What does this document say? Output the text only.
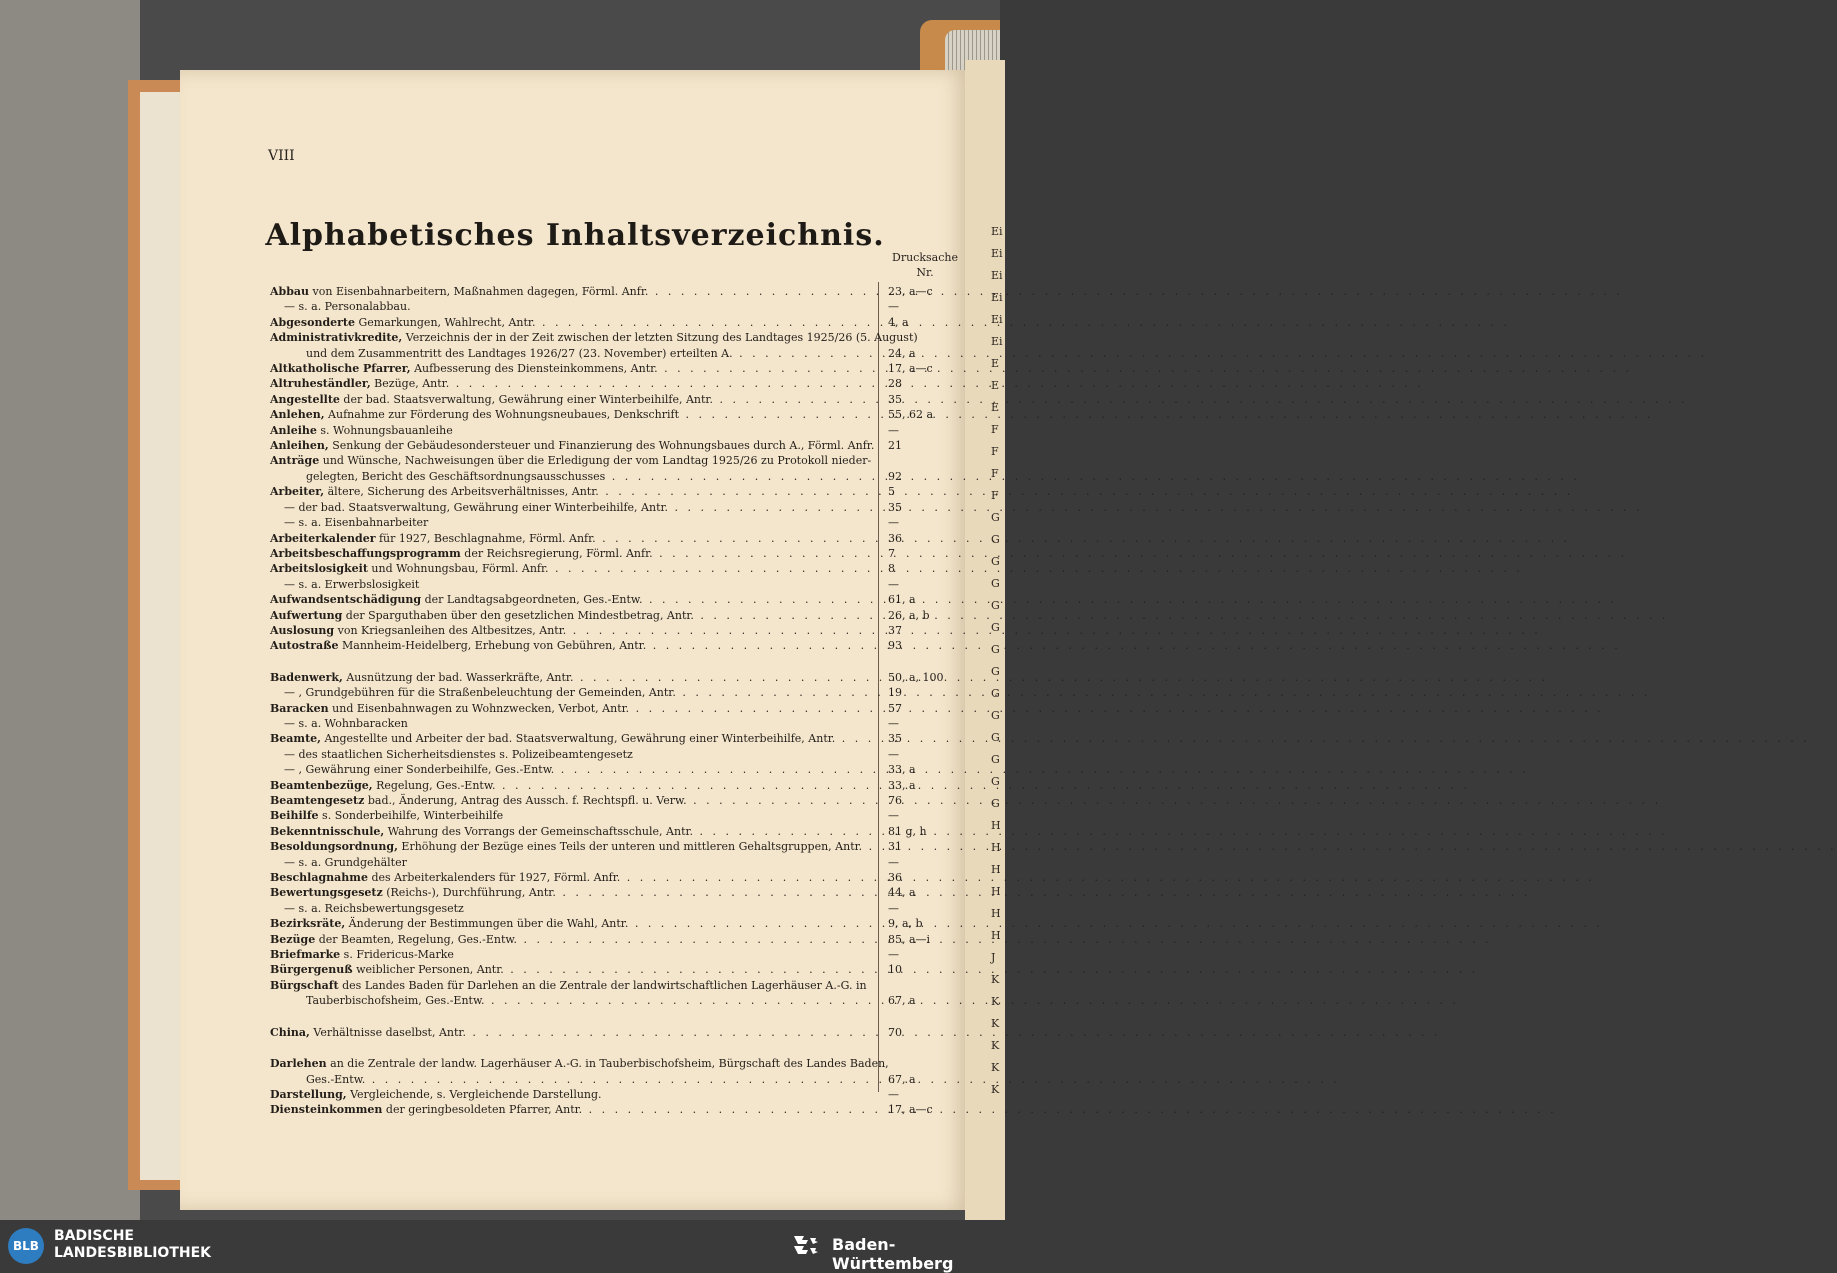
Ei
Ei
Ei
Ei
Ei
Ei
E
E
E
F
F
F
F
G
G
G
G
G
G
G
G
G
G
G
G
G
G
H
H
H
H
H
H
J
K
K
K
K
K
K
VIII
Alphabetisches Inhaltsverzeichnis.
Drucksache
Nr.
Abbau von Eisenbahnarbeitern, Maßnahmen dagegen, Förml. Anfr. . . .	23, a—c
— s. a. Personalabbau.	—
Abgesonderte Gemarkungen, Wahlrecht, Antr. . . .	4, a
Administrativkredite, Verzeichnis der in der Zeit zwischen der letzten Sitzung des Landtages 1925/26 (5. August)
und dem Zusammentritt des Landtages 1926/27 (23. November) erteilten A. . . .	24, a
Altkatholische Pfarrer, Aufbesserung des Diensteinkommens, Antr. . . .	17, a—c
Altruheständler, Bezüge, Antr. . . .	28
Angestellte der bad. Staatsverwaltung, Gewährung einer Winterbeihilfe, Antr. . . .	35
Anlehen, Aufnahme zur Förderung des Wohnungsneubaues, Denkschrift . . .	55, 62 a
Anleihe s. Wohnungsbauanleihe	—
Anleihen, Senkung der Gebäudesondersteuer und Finanzierung des Wohnungsbaues durch A., Förml. Anfr. 21
Anträge und Wünsche, Nachweisungen über die Erledigung der vom Landtag 1925/26 zu Protokoll nieder-
gelegten, Bericht des Geschäftsordnungsausschusses . . .	92
Arbeiter, ältere, Sicherung des Arbeitsverhältnisses, Antr. . . .	5
— der bad. Staatsverwaltung, Gewährung einer Winterbeihilfe, Antr. . . .	35
— s. a. Eisenbahnarbeiter	—
Arbeiterkalender für 1927, Beschlagnahme, Förml. Anfr. . . .	36
Arbeitsbeschaffungsprogramm der Reichsregierung, Förml. Anfr. . . .	7
Arbeitslosigkeit und Wohnungsbau, Förml. Anfr. . . .	8
— s. a. Erwerbslosigkeit	—
Aufwandsentschädigung der Landtagsabgeordneten, Ges.-Entw. . . .	61, a
Aufwertung der Sparguthaben über den gesetzlichen Mindestbetrag, Antr. . . .	26, a, b
Auslosung von Kriegsanleihen des Altbesitzes, Antr. . . .	37
Autostraße Mannheim-Heidelberg, Erhebung von Gebühren, Antr. . . .	93
Badenwerk, Ausnützung der bad. Wasserkräfte, Antr. . . .	50, a, 100
— , Grundgebühren für die Straßenbeleuchtung der Gemeinden, Antr. . . .	19
Baracken und Eisenbahnwagen zu Wohnzwecken, Verbot, Antr. . . .	57
— s. a. Wohnbaracken	—
Beamte, Angestellte und Arbeiter der bad. Staatsverwaltung, Gewährung einer Winterbeihilfe, Antr. . . .	35
— des staatlichen Sicherheitsdienstes s. Polizeibeamtengesetz	—
— , Gewährung einer Sonderbeihilfe, Ges.-Entw. . . .	33, a
Beamtenbezüge, Regelung, Ges.-Entw. . . .	33, a
Beamtengesetz bad., Änderung, Antrag des Aussch. f. Rechtspfl. u. Verw. . . .	76
Beihilfe s. Sonderbeihilfe, Winterbeihilfe	—
Bekenntnisschule, Wahrung des Vorrangs der Gemeinschaftsschule, Antr. . . .	81 g, h
Besoldungsordnung, Erhöhung der Bezüge eines Teils der unteren und mittleren Gehaltsgruppen, Antr. . . .	31
— s. a. Grundgehälter	—
Beschlagnahme des Arbeiterkalenders für 1927, Förml. Anfr. . . .	36
Bewertungsgesetz (Reichs-), Durchführung, Antr. . . .	44, a
— s. a. Reichsbewertungsgesetz	—
Bezirksräte, Änderung der Bestimmungen über die Wahl, Antr. . . .	9, a, b
Bezüge der Beamten, Regelung, Ges.-Entw. . . .	85, a—i
Briefmarke s. Fridericus-Marke	—
Bürgergenuß weiblicher Personen, Antr. . . .	10
Bürgschaft des Landes Baden für Darlehen an die Zentrale der landwirtschaftlichen Lagerhäuser A.-G. in
Tauberbischofsheim, Ges.-Entw. . . .	67, a
China, Verhältnisse daselbst, Antr. . . .	70
Darlehen an die Zentrale der landw. Lagerhäuser A.-G. in Tauberbischofsheim, Bürgschaft des Landes Baden,
Ges.-Entw. . . .	67, a
Darstellung, Vergleichende, s. Vergleichende Darstellung.	—
Diensteinkommen der geringbesoldeten Pfarrer, Antr. . . .	17, a—c
BLB
BADISCHE
LANDESBIBLIOTHEK	Baden-Württemberg
